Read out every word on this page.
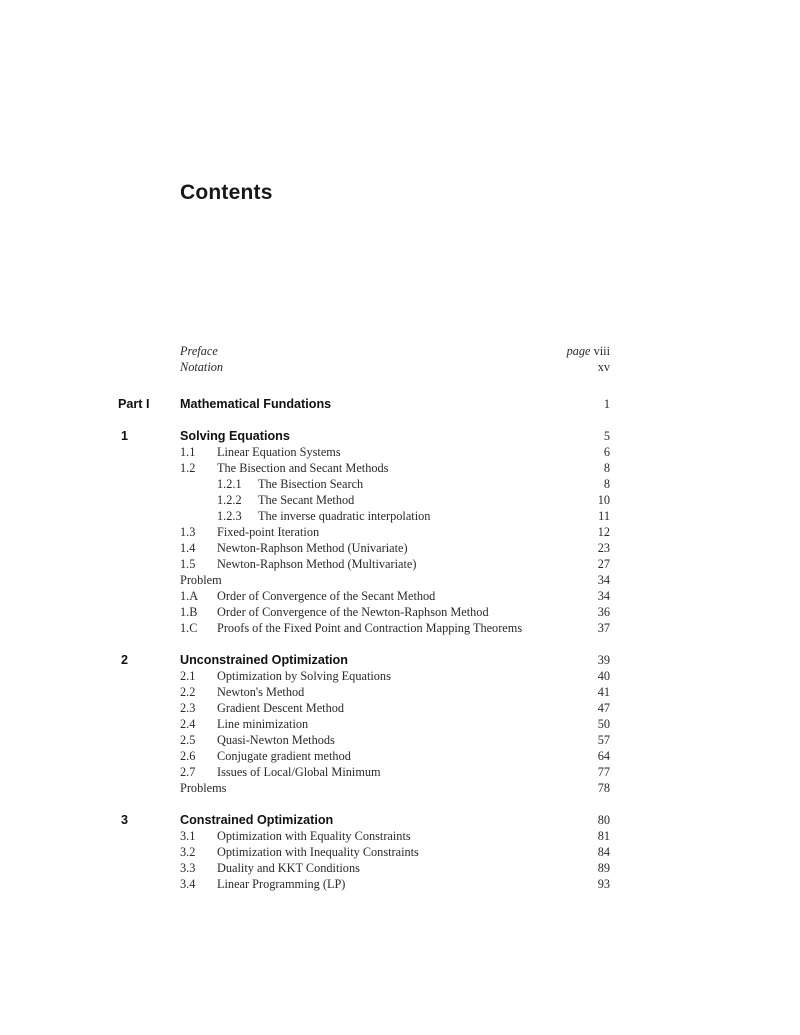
Contents
Preface	page viii
Notation	xv
Part I Mathematical Fundations	1
1	Solving Equations	5
1.1 Linear Equation Systems	6
1.2 The Bisection and Secant Methods	8
1.2.1 The Bisection Search	8
1.2.2 The Secant Method	10
1.2.3 The inverse quadratic interpolation	11
1.3 Fixed-point Iteration	12
1.4 Newton-Raphson Method (Univariate)	23
1.5 Newton-Raphson Method (Multivariate)	27
Problem	34
1.A Order of Convergence of the Secant Method	34
1.B Order of Convergence of the Newton-Raphson Method	36
1.C Proofs of the Fixed Point and Contraction Mapping Theorems	37
2	Unconstrained Optimization	39
2.1 Optimization by Solving Equations	40
2.2 Newton's Method	41
2.3 Gradient Descent Method	47
2.4 Line minimization	50
2.5 Quasi-Newton Methods	57
2.6 Conjugate gradient method	64
2.7 Issues of Local/Global Minimum	77
Problems	78
3	Constrained Optimization	80
3.1 Optimization with Equality Constraints	81
3.2 Optimization with Inequality Constraints	84
3.3 Duality and KKT Conditions	89
3.4 Linear Programming (LP)	93
